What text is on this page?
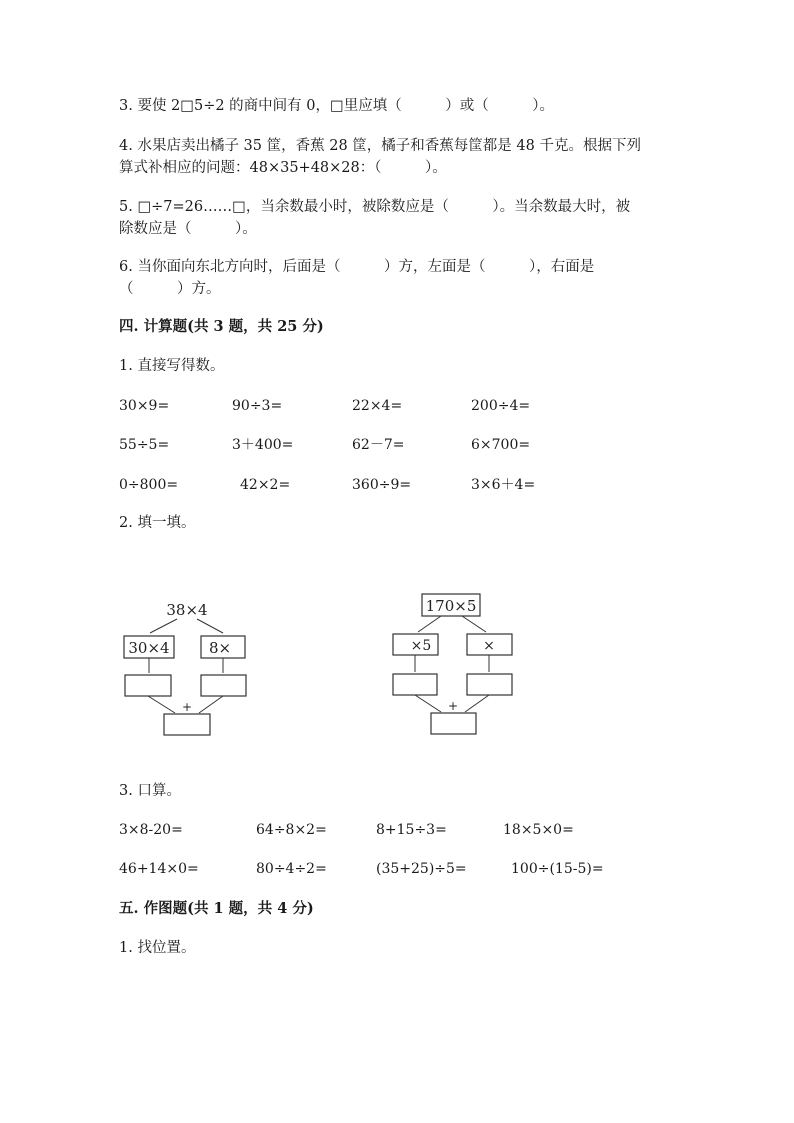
3. 要使 2□5÷2 的商中间有 0，□里应填（　　　）或（　　　）。
4. 水果店卖出橘子 35 筐，香蕉 28 筐，橘子和香蕉每筐都是 48 千克。根据下列
算式补相应的问题：48×35+48×28：（　　　）。
5. □÷7=26……□，当余数最小时，被除数应是（　　　）。当余数最大时，被
除数应是（　　　）。
6. 当你面向东北方向时，后面是（　　　）方，左面是（　　　），右面是
（　　　）方。
四. 计算题(共 3 题，共 25 分)
1. 直接写得数。
30×9=	90÷3=	22×4=	200÷4=
55÷5=	3＋400=	62－7=	6×700=
0÷800=	42×2=	360÷9=	3×6＋4=
2. 填一填。
38×4
30×4	8×
+
170×5
×5	×
+
3. 口算。
3×8-20=	64÷8×2=	8+15÷3=	18×5×0=
46+14×0=	80÷4÷2=	(35+25)÷5=	100÷(15-5)=
五. 作图题(共 1 题，共 4 分)
1. 找位置。
